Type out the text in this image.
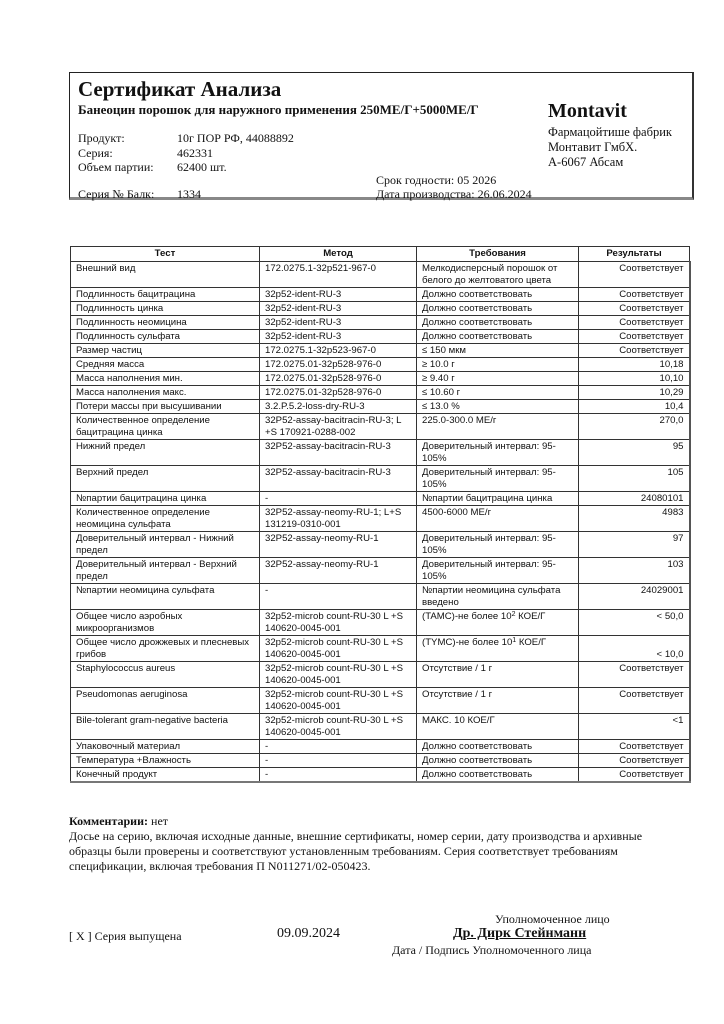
Сертификат Анализа
Банеоцин порошок для наружного применения 250МЕ/Г+5000МЕ/Г
Продукт:	10г ПОР РФ, 44088892
Серия:	462331
Объем партии: 62400 шт.
Серия № Балк: 1334
Срок годности: 05 2026
Дата производства: 26.06.2024
Montavit
Фармацойтише фабрик
Монтавит ГмбХ.
А-6067 Абсам
Тест	Метод	Требования	Результаты
Внешний вид	172.0275.1-32p521-967-0	Мелкодисперсный порошок от белого до желтоватого цвета	Соответствует
Подлинность бацитрацина	32p52-ident-RU-3	Должно соответствовать	Соответствует
Подлинность цинка	32p52-ident-RU-3	Должно соответствовать	Соответствует
Подлинность неомицина	32p52-ident-RU-3	Должно соответствовать	Соответствует
Подлинность сульфата	32p52-ident-RU-3	Должно соответствовать	Соответствует
Размер частиц	172.0275.1-32p523-967-0	≤ 150 мкм	Соответствует
Средняя масса	172.0275.01-32p528-976-0	≥ 10.0 г	10,18
Масса наполнения мин.	172.0275.01-32p528-976-0	≥ 9.40 г	10,10
Масса наполнения макс.	172.0275.01-32p528-976-0	≤ 10.60 г	10,29
Потери массы при высушивании	3.2.P.5.2-loss-dry-RU-3	≤ 13.0 %	10,4
Количественное определение бацитрацина цинка	32P52-assay-bacitracin-RU-3; L +S 170921-0288-002	225.0-300.0 МЕ/г	270,0
Нижний предел	32P52-assay-bacitracin-RU-3	Доверительный интервал: 95-105%	95
Верхний предел	32P52-assay-bacitracin-RU-3	Доверительный интервал: 95-105%	105
№партии бацитрацина цинка	-	№партии бацитрацина цинка	24080101
Количественное определение неомицина сульфата	32P52-assay-neomy-RU-1; L+S 131219-0310-001	4500-6000 МЕ/г	4983
Доверительный интервал - Нижний предел	32P52-assay-neomy-RU-1	Доверительный интервал: 95-105%	97
Доверительный интервал - Верхний предел	32P52-assay-neomy-RU-1	Доверительный интервал: 95-105%	103
№партии неомицина сульфата	-	№партии неомицина сульфата введено	24029001
Общее число аэробных микроорганизмов	32p52-microb count-RU-30 L +S 140620-0045-001	(TAMC)-не более $10^2$ КОЕ/Г	< 50,0
Общее число дрожжевых и плесневых грибов	32p52-microb count-RU-30 L +S 140620-0045-001	(TYMC)-не более $10^1$ КОЕ/Г	< 10,0
Staphylococcus aureus	32p52-microb count-RU-30 L +S 140620-0045-001	Отсутствие / 1 г	Соответствует
Pseudomonas aeruginosa	32p52-microb count-RU-30 L +S 140620-0045-001	Отсутствие / 1 г	Соответствует
Bile-tolerant gram-negative bacteria	32p52-microb count-RU-30 L +S 140620-0045-001	МАКС. 10 КОЕ/Г	<1
Упаковочный материал	-	Должно соответствовать	Соответствует
Температура +Влажность	-	Должно соответствовать	Соответствует
Конечный продукт	-	Должно соответствовать	Соответствует
Комментарии: нет
Досье на серию, включая исходные данные, внешние сертификаты, номер серии, дату производства и архивные образцы были проверены и соответствуют установленным требованиям. Серия соответствует требованиям спецификации, включая требования П N011271/02-050423.
Уполномоченное лицо
[ X ] Серия выпущена	09.09.2024	Др. Дирк Стейнманн
Дата / Подпись Уполномоченного лица
